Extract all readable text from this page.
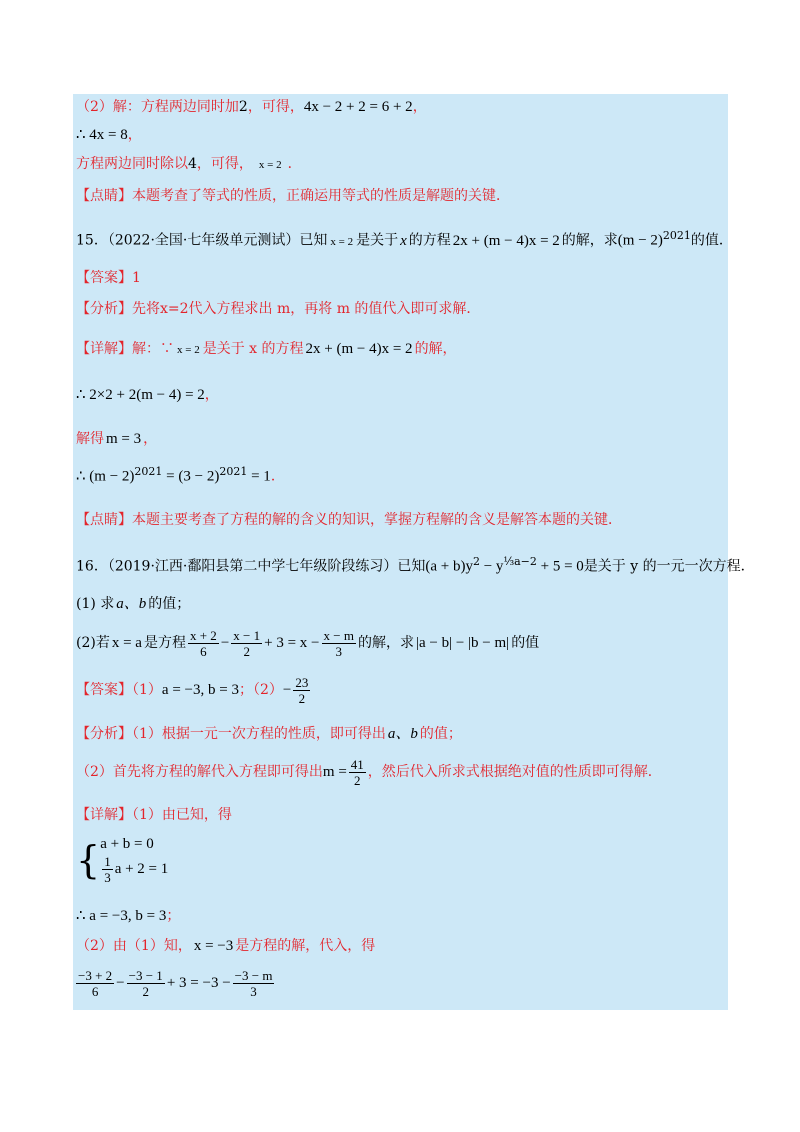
（2）解：方程两边同时加2，可得，4x − 2 + 2 = 6 + 2，
∴ 4x = 8，
方程两边同时除以4，可得， x = 2 ．
【点睛】本题考查了等式的性质，正确运用等式的性质是解题的关键．
15．（2022·全国·七年级单元测试）已知 x = 2 是关于 x 的方程 2x + (m − 4)x = 2 的解，求$(m - 2)^{2021}$的值．
【答案】1
【分析】先将x=2代入方程求出 m，再将 m 的值代入即可求解．
【详解】解：∵ x = 2 是关于 x 的方程 2x + (m − 4)x = 2 的解，
∴ 2×2 + 2(m − 4) = 2，
解得 m = 3 ，
∴ $(m - 2)^{2021} = (3 - 2)^{2021} = 1$．
【点睛】本题主要考查了方程的解的含义的知识，掌握方程解的含义是解答本题的关键．
16．（2019·江西·鄱阳县第二中学七年级阶段练习）已知$(a + b)y^2 - y^{\frac{1}{3}a-2} + 5 = 0$是关于 y 的一元一次方程．
(1) 求 a、b 的值；
(2)若 x = a 是方程 $\frac{x + 2}{6} - \frac{x - 1}{2} + 3 = x - \frac{x - m}{3}$ 的解，求 |a − b| − |b − m| 的值
【答案】（1）a = −3, b = 3；$(2)- \frac{23}{2}$
【分析】（1）根据一元一次方程的性质，即可得出 a、b 的值；
（2）首先将方程的解代入方程即可得出$m = \frac{41}{2}$ ，然后代入所求式根据绝对值的性质即可得解．
【详解】（1）由已知，得
{ a + b = 0
$\frac{1}{3}$ a + 2 = 1
∴ a = −3, b = 3；
（2）由（1）知， x = −3 是方程的解，代入，得
$\frac{-3 + 2}{6} - \frac{-3 - 1}{2} + 3 = -3 - \frac{-3 - m}{3}$
